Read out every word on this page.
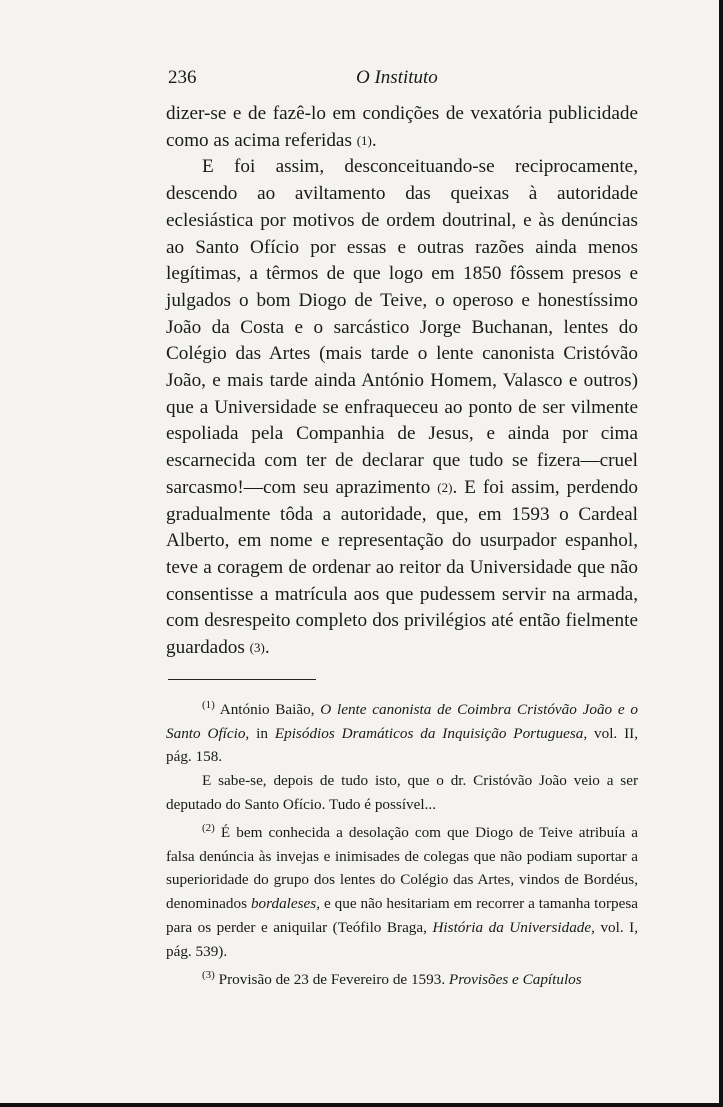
236	O Instituto

dizer-se e de fazê-lo em condições de vexatória publicidade como as acima referidas (1).

E foi assim, desconceituando-se reciprocamente, descendo ao aviltamento das queixas à autoridade eclesiástica por motivos de ordem doutrinal, e às denúncias ao Santo Ofício por essas e outras razões ainda menos legítimas, a têrmos de que logo em 1850 fôssem presos e julgados o bom Diogo de Teive, o operoso e honestíssimo João da Costa e o sarcástico Jorge Buchanan, lentes do Colégio das Artes (mais tarde o lente canonista Cristóvão João, e mais tarde ainda António Homem, Valasco e outros) que a Universidade se enfraqueceu ao ponto de ser vilmente espoliada pela Companhia de Jesus, e ainda por cima escarnecida com ter de declarar que tudo se fizera—cruel sarcasmo!—com seu aprazimento (2). E foi assim, perdendo gradualmente tôda a autoridade, que, em 1593 o Cardeal Alberto, em nome e representação do usurpador espanhol, teve a coragem de ordenar ao reitor da Universidade que não consentisse a matrícula aos que pudessem servir na armada, com desrespeito completo dos privilégios até então fielmente guardados (3).

$^{(1)}$ António Baião, O lente canonista de Coimbra Cristóvão João e o Santo Ofício, in Episódios Dramáticos da Inquisição Portuguesa, vol. II, pág. 158.

E sabe-se, depois de tudo isto, que o dr. Cristóvão João veio a ser deputado do Santo Ofício. Tudo é possível...

$^{(2)}$ É bem conhecida a desolação com que Diogo de Teive atribuía a falsa denúncia às invejas e inimisades de colegas que não podiam suportar a superioridade do grupo dos lentes do Colégio das Artes, vindos de Bordéus, denominados bordaleses, e que não hesitariam em recorrer a tamanha torpesa para os perder e aniquilar (Teófilo Braga, História da Universidade, vol. I, pág. 539).

$^{(3)}$ Provisão de 23 de Fevereiro de 1593. Provisões e Capítulos
